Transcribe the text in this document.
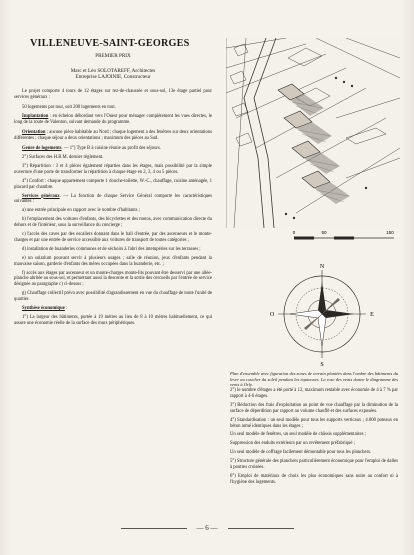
VILLENEUVE-SAINT-GEORGES
PREMIER PRIX
Marc et Léo SOLOTAREFF, Architectes
Entreprise LAJOINIE, Constructeur

Le projet comporte 4 tours de 12 étages sur rez-de-chaussée et sous-sol, 13e étage partiel pour services généraux :

50 logements par tour, soit 200 logements en tout.

Implantation : en échelon débordant vers l'Ouest pour ménager complètement les vues directes, le long de la route de Valenton, suivant demande du programme.

Orientation : aucune pièce habitable au Nord ; chaque logement a des fenêtres sur deux orientations différentes ; chaque séjour a deux orientations ; maximum des pièces au Sud.

Genre de logements. — 1°) Type B à cuisine réunie au profit des séjours.

2°) Surfaces des H.B.M. dernier règlement.

3°) Répartition : 3 et 4 pièces également réparties dans les étages, mais possibilité par la simple ouverture d'une porte de transformer la répartition à chaque étage en 2, 3, 4 ou 5 pièces.

4°) Confort : chaque appartement comporte 1 douche-toilette, W.-C., chauffage, cuisine aménagée, 1 placard par chambre.

Services généraux. — La fonction de chaque Service Général comporte les caractéristiques suivantes :

a) une entrée principale en rapport avec le nombre d'habitants ;

b) l'emplacement des voitures d'enfants, des bicyclettes et des motos, avec communication directe du dehors et de l'intérieur, sous la surveillance du concierge ;

c) l'accès des caves par des escaliers donnant dans le hall d'entrée, par des ascenseurs et le monte-charges et par une entrée de service accessible aux voitures de transport de toutes catégories ;

d) installation de buanderies communes et de séchoirs à l'abri des intempéries sur les terrasses ;

e) un solarium pouvant servir à plusieurs usages ; salle de réunion, jeux d'enfants pendant la mauvaise saison, garderie d'enfants des mères occupées dans la buanderie, etc. ;

f) accès aux étages par ascenseur et un monte-charges monte-lits pouvant être desservi par une allée-planche abritée au sous-sol, et permettant aussi la descente et la sortie des cercueils par l'entrée de service désignée au paragraphe c) ci-dessus ;

g) Chauffage collectif prévu avec possibilité d'agrandissement en vue du chauffage de toute l'unité de quartier.

Synthèse économique :

1°) La largeur des bâtiments, portée à 19 mètres au lieu de 8 à 10 mètres habituellement, ce qui assure une économie réelle de la surface des murs périphériques.

0	50	150
N
S
E
O
Plan d'ensemble avec figuration des zones de terrain plantées dans l'ombre des bâtiments du lever au coucher du soleil pendant les équinoxes. La rose des vents donne le diagramme des vents à Orly.

2°) le nombre d'étages a été porté à 12, maximum rentable avec économie de 4 à 7 % par rapport à 4-6 étages.

3°) Réduction des frais d'exploitation au point de vue chauffage par la diminution de la surface de déperdition par rapport au volume chauffé et des surfaces exposées.

4°) Standardisation : un seul modèle pour tous les supports verticaux ; 4.000 poteaux en béton armé identiques dans les étages ;

Un seul modèle de fenêtres, un seul modèle de châssis supplémentaires ;

Suppression des enduits extérieurs par un revêtement préfabriqué ;

Un seul modèle de coffrage facilement démontable pour tous les planchers.

5°) Structure générale des planchers particulièrement économique pour l'emploi de dalles à poutres croisées.

6°) Emploi de matériaux de choix les plus économiques sans nuire au confort ni à l'hygiène des logements.

— 6 —
